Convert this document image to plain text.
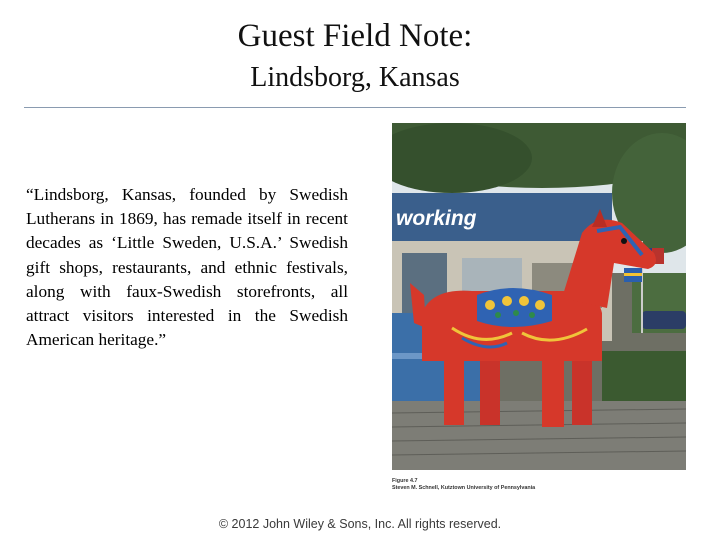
Guest Field Note:
Lindsborg, Kansas
“Lindsborg, Kansas, founded by Swedish Lutherans in 1869, has remade itself in recent decades as ‘Little Sweden, U.S.A.’ Swedish gift shops, restaurants, and ethnic festivals, along with faux-Swedish storefronts, all attract visitors interested in the Swedish American heritage.”
working
Figure 4.7
Steven M. Schnell, Kutztown University of Pennsylvania
© 2012 John Wiley & Sons, Inc. All rights reserved.
